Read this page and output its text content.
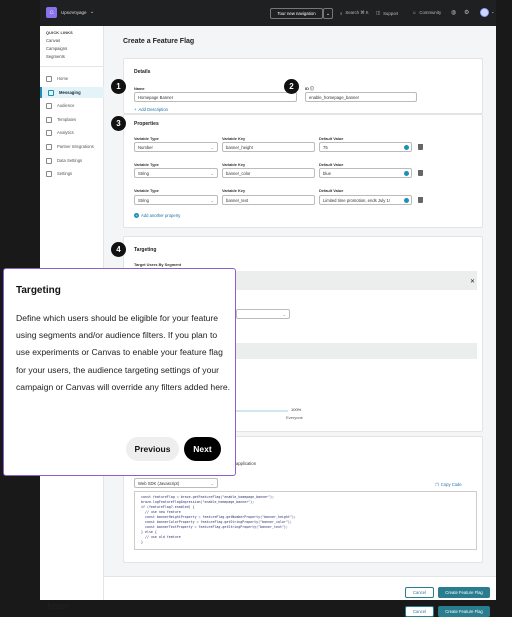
⌂	UpsoVoyage ⌄	Tour new navigation	⌄	⌕ Search ⌘ K ◫ Support	☺ Community ◍ ⚙	⌄
QUICK LINKS
Canvas
Campaigns
Segments
Home
Messaging
Audience
Templates
Analytics
Partner Integrations
Data Settings
Settings
braze
Create a Feature Flag
Details
1	Name
Homepage Banner
2	ID ⓘ
enable_homepage_banner
+ Add Description
3	Properties
Variable Type	Variable Key	Default Value
Number	⌄	banner_height	75
Variable Type	Variable Key	Default Value
String	⌄	banner_color	blue
Variable Type	Variable Key	Default Value
String	⌄	banner_text	Limited time promotion, ends July 1!
+ Add another property
4	Targeting
Target Users By Segment
✕
⌄
100%
Everyone
application
Web SDK (Javascript)	⌄	❐ Copy Code
const featureFlag = braze.getFeatureFlag("enable_homepage_banner");
braze.logFeatureFlagImpression("enable_homepage_banner");
if (featureFlag?.enabled) {
// use new feature
const bannerHeightProperty = featureFlag.getNumberProperty("banner_height");
const bannerColorProperty = featureFlag.getStringProperty("banner_color");
const bannerTextProperty = featureFlag.getStringProperty("banner_text");
} else {
// use old feature
}
Cancel	Create Feature Flag
Cancel	Create Feature Flag
Targeting

Define which users should be eligible for your feature using segments and/or audience filters. If you plan to use experiments or Canvas to enable your feature flag for your users, the audience targeting settings of your campaign or Canvas will override any filters added here.

Previous	Next
